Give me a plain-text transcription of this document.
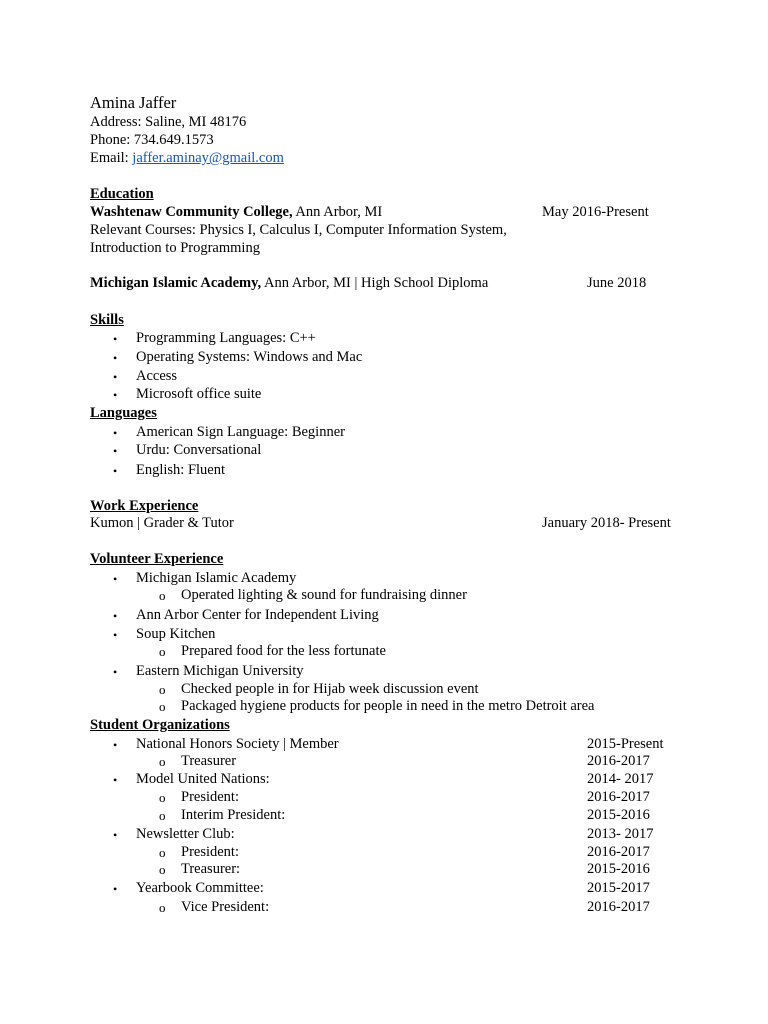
Amina Jaffer
Address: Saline, MI 48176
Phone: 734.649.1573
Email: jaffer.aminay@gmail.com
Education
Washtenaw Community College, Ann Arbor, MI	May 2016-Present
Relevant Courses: Physics I, Calculus I, Computer Information System,
Introduction to Programming
Michigan Islamic Academy, Ann Arbor, MI | High School Diploma	June 2018
Skills
• Programming Languages: C++
• Operating Systems: Windows and Mac
• Access
• Microsoft office suite
Languages
• American Sign Language: Beginner
• Urdu: Conversational
• English: Fluent
Work Experience
Kumon | Grader & Tutor	January 2018- Present
Volunteer Experience
• Michigan Islamic Academy
o Operated lighting & sound for fundraising dinner
• Ann Arbor Center for Independent Living
• Soup Kitchen
o Prepared food for the less fortunate
• Eastern Michigan University
o Checked people in for Hijab week discussion event
o Packaged hygiene products for people in need in the metro Detroit area
Student Organizations
• National Honors Society | Member	2015-Present
o Treasurer	2016-2017
• Model United Nations:	2014- 2017
o President:	2016-2017
o Interim President:	2015-2016
• Newsletter Club:	2013- 2017
o President:	2016-2017
o Treasurer:	2015-2016
• Yearbook Committee:	2015-2017
o Vice President:	2016-2017
